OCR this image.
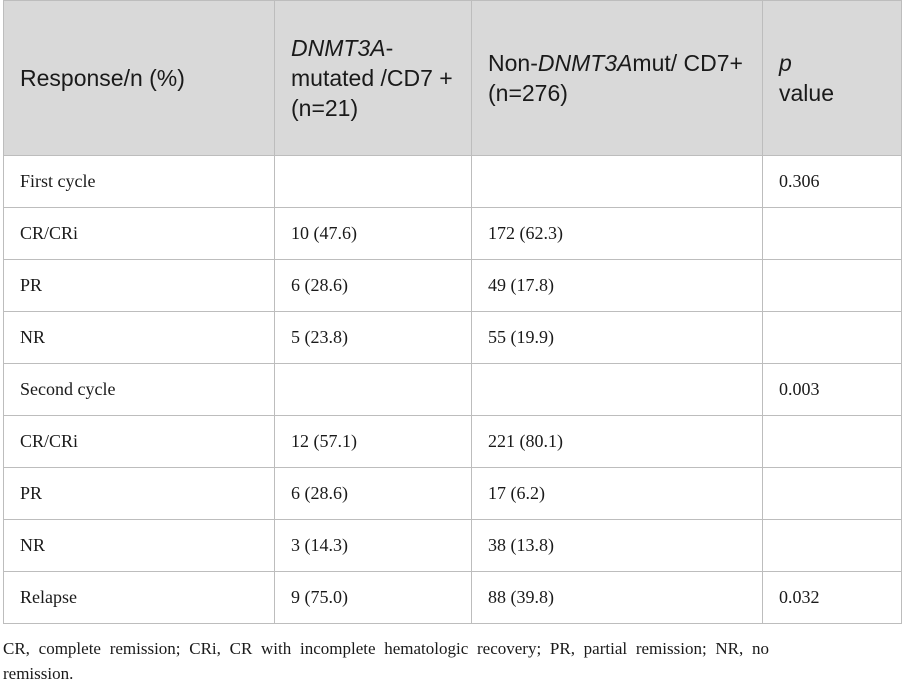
Response/n (%)	DNMT3A-mutated /CD7 +(n=21)	Non-DNMT3Amut/ CD7+(n=276)	p
value
First cycle			0.306
CR/CRi	10 (47.6)	172 (62.3)	
PR	6 (28.6)	49 (17.8)	
NR	5 (23.8)	55 (19.9)	
Second cycle			0.003
CR/CRi	12 (57.1)	221 (80.1)	
PR	6 (28.6)	17 (6.2)	
NR	3 (14.3)	38 (13.8)	
Relapse	9 (75.0)	88 (39.8)	0.032
CR, complete remission; CRi, CR with incomplete hematologic recovery; PR, partial remission; NR, no remission.
